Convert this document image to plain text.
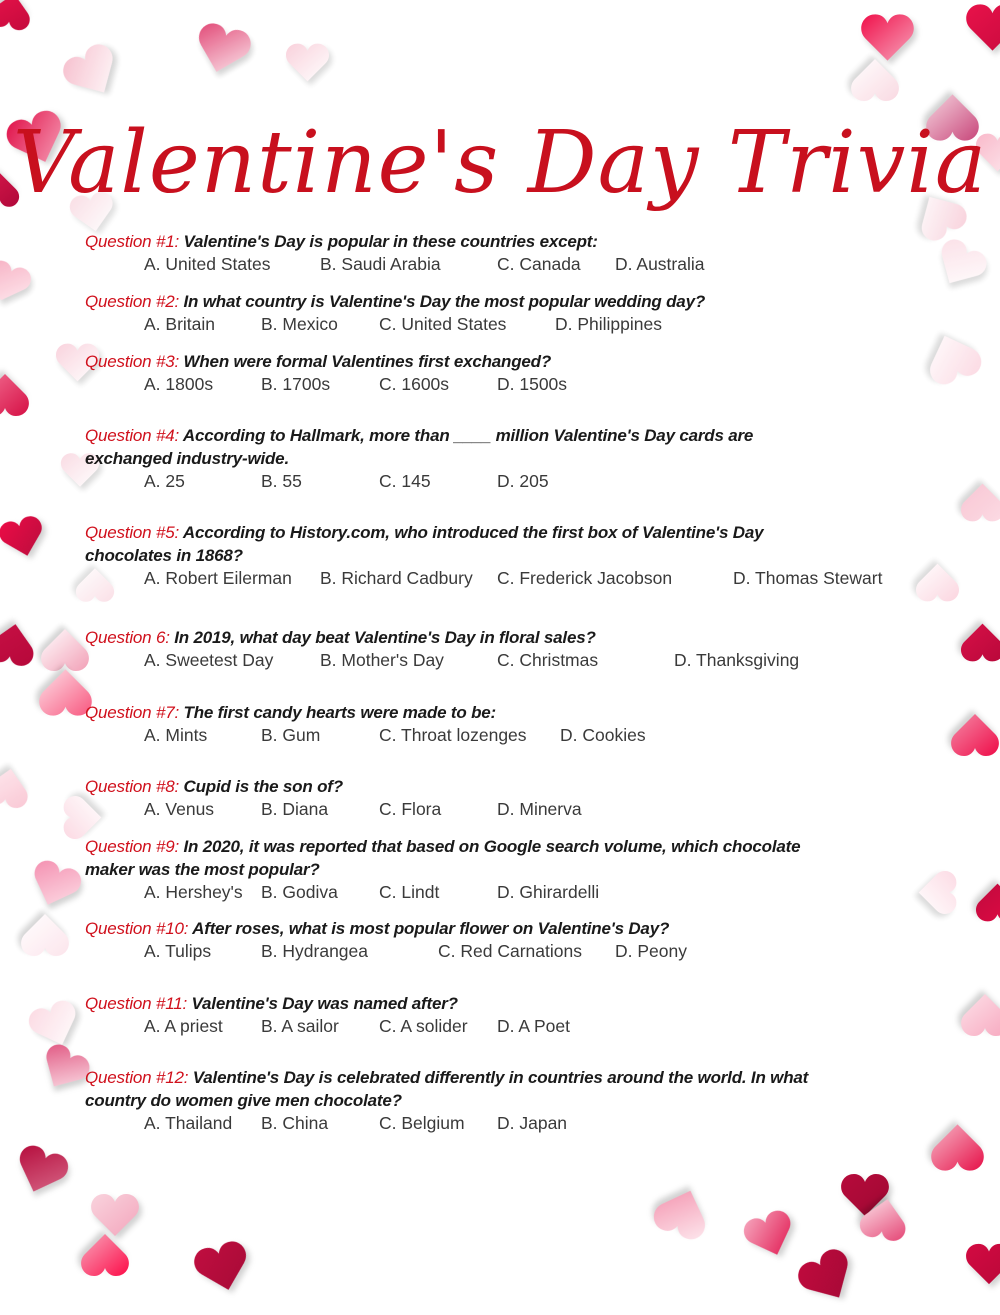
Valentine's Day Trivia
Question #1: Valentine's Day is popular in these countries except:
A. United States	B. Saudi Arabia	C. Canada D. Australia
Question #2: In what country is Valentine's Day the most popular wedding day?
A. Britain	B. Mexico C. United States	D. Philippines
Question #3: When were formal Valentines first exchanged?
A. 1800s	B. 1700s	C. 1600s	D. 1500s
Question #4: According to Hallmark, more than ____ million Valentine's Day cards are exchanged industry-wide.
A. 25	B. 55	C. 145	D. 205
Question #5: According to History.com, who introduced the first box of Valentine's Day chocolates in 1868?
A. Robert Eilerman B. Richard Cadbury C. Frederick Jacobson	D. Thomas Stewart
Question 6: In 2019, what day beat Valentine's Day in floral sales?
A. Sweetest Day	B. Mother's Day	C. Christmas	D. Thanksgiving
Question #7: The first candy hearts were made to be:
A. Mints	B. Gum	C. Throat lozenges D. Cookies
Question #8: Cupid is the son of?
A. Venus	B. Diana	C. Flora	D. Minerva
Question #9: In 2020, it was reported that based on Google search volume, which chocolate maker was the most popular?
A. Hershey's B. Godiva C. Lindt	D. Ghirardelli
Question #10: After roses, what is most popular flower on Valentine's Day?
A. Tulips	B. Hydrangea	C. Red Carnations D. Peony
Question #11: Valentine's Day was named after?
A. A priest B. A sailor C. A solider D. A Poet
Question #12: Valentine's Day is celebrated differently in countries around the world. In what country do women give men chocolate?
A. Thailand B. China	C. Belgium D. Japan
